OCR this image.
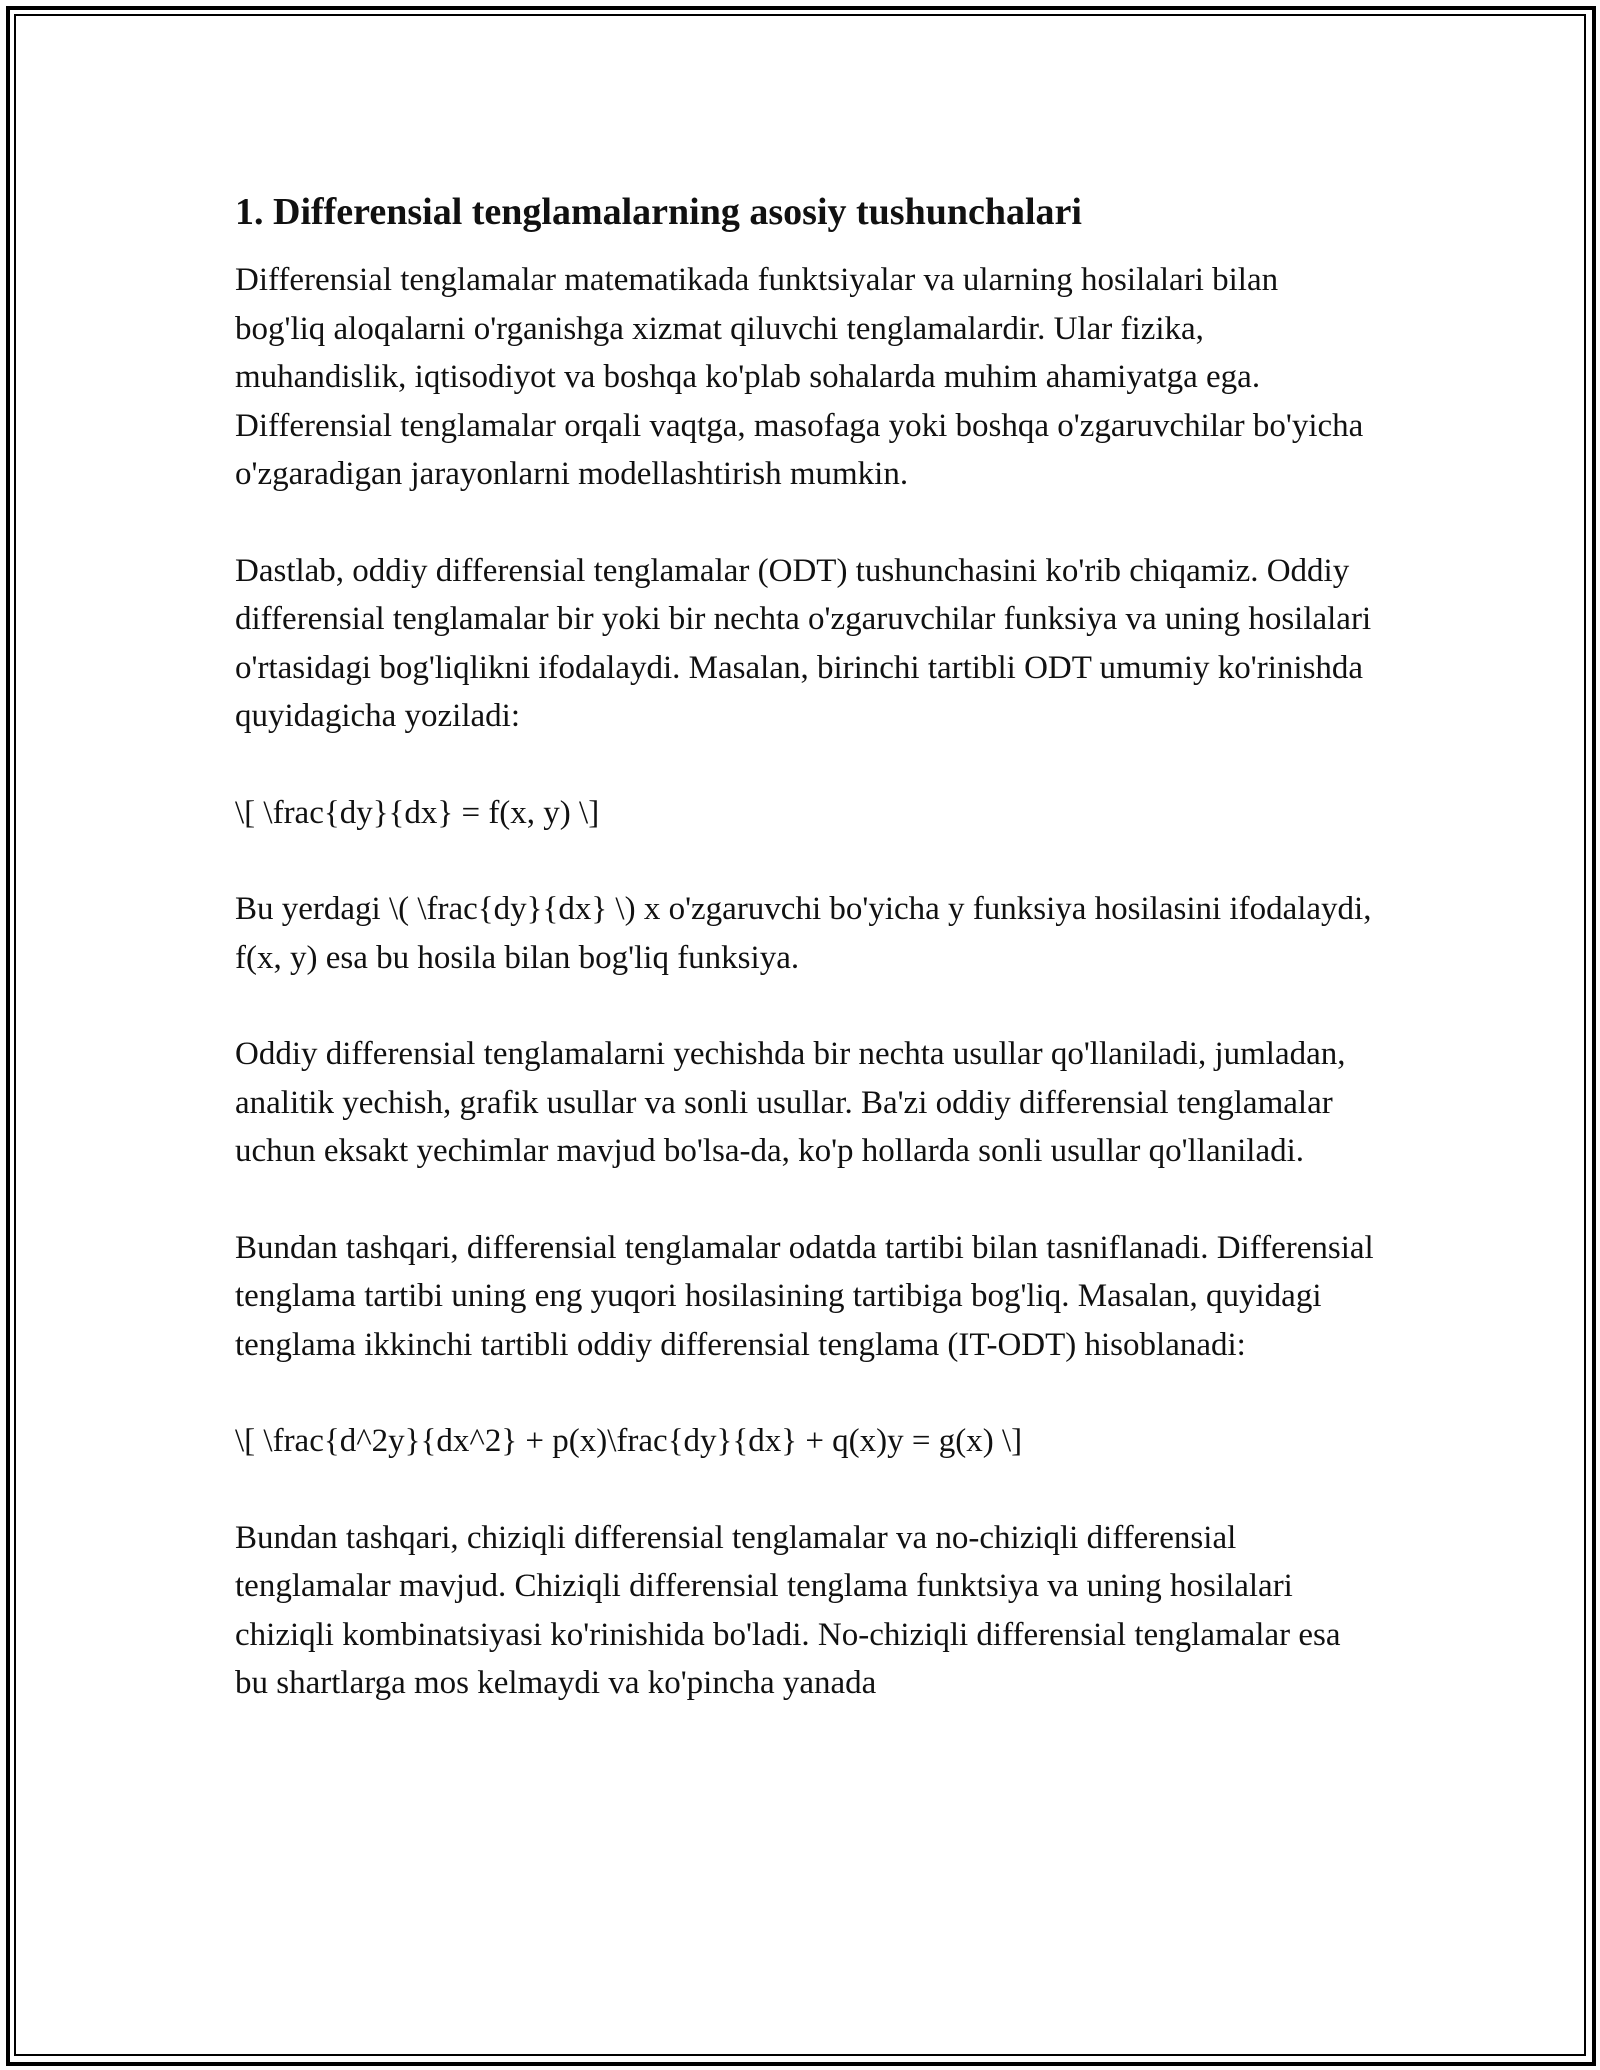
1. Differensial tenglamalarning asosiy tushunchalari

Differensial tenglamalar matematikada funktsiyalar va ularning hosilalari bilan bog'liq aloqalarni o'rganishga xizmat qiluvchi tenglamalardir. Ular fizika, muhandislik, iqtisodiyot va boshqa ko'plab sohalarda muhim ahamiyatga ega. Differensial tenglamalar orqali vaqtga, masofaga yoki boshqa o'zgaruvchilar bo'yicha o'zgaradigan jarayonlarni modellashtirish mumkin.

Dastlab, oddiy differensial tenglamalar (ODT) tushunchasini ko'rib chiqamiz. Oddiy differensial tenglamalar bir yoki bir nechta o'zgaruvchilar funksiya va uning hosilalari o'rtasidagi bog'liqlikni ifodalaydi. Masalan, birinchi tartibli ODT umumiy ko'rinishda quyidagicha yoziladi:

\[ \frac{dy}{dx} = f(x, y) \]

Bu yerdagi \( \frac{dy}{dx} \) x o'zgaruvchi bo'yicha y funksiya hosilasini ifodalaydi, f(x, y) esa bu hosila bilan bog'liq funksiya.

Oddiy differensial tenglamalarni yechishda bir nechta usullar qo'llaniladi, jumladan, analitik yechish, grafik usullar va sonli usullar. Ba'zi oddiy differensial tenglamalar uchun eksakt yechimlar mavjud bo'lsa-da, ko'p hollarda sonli usullar qo'llaniladi.

Bundan tashqari, differensial tenglamalar odatda tartibi bilan tasniflanadi. Differensial tenglama tartibi uning eng yuqori hosilasining tartibiga bog'liq. Masalan, quyidagi tenglama ikkinchi tartibli oddiy differensial tenglama (IT-ODT) hisoblanadi:

\[ \frac{d^2y}{dx^2} + p(x)\frac{dy}{dx} + q(x)y = g(x) \]

Bundan tashqari, chiziqli differensial tenglamalar va no-chiziqli differensial tenglamalar mavjud. Chiziqli differensial tenglama funktsiya va uning hosilalari chiziqli kombinatsiyasi ko'rinishida bo'ladi. No-chiziqli differensial tenglamalar esa bu shartlarga mos kelmaydi va ko'pincha yanada
